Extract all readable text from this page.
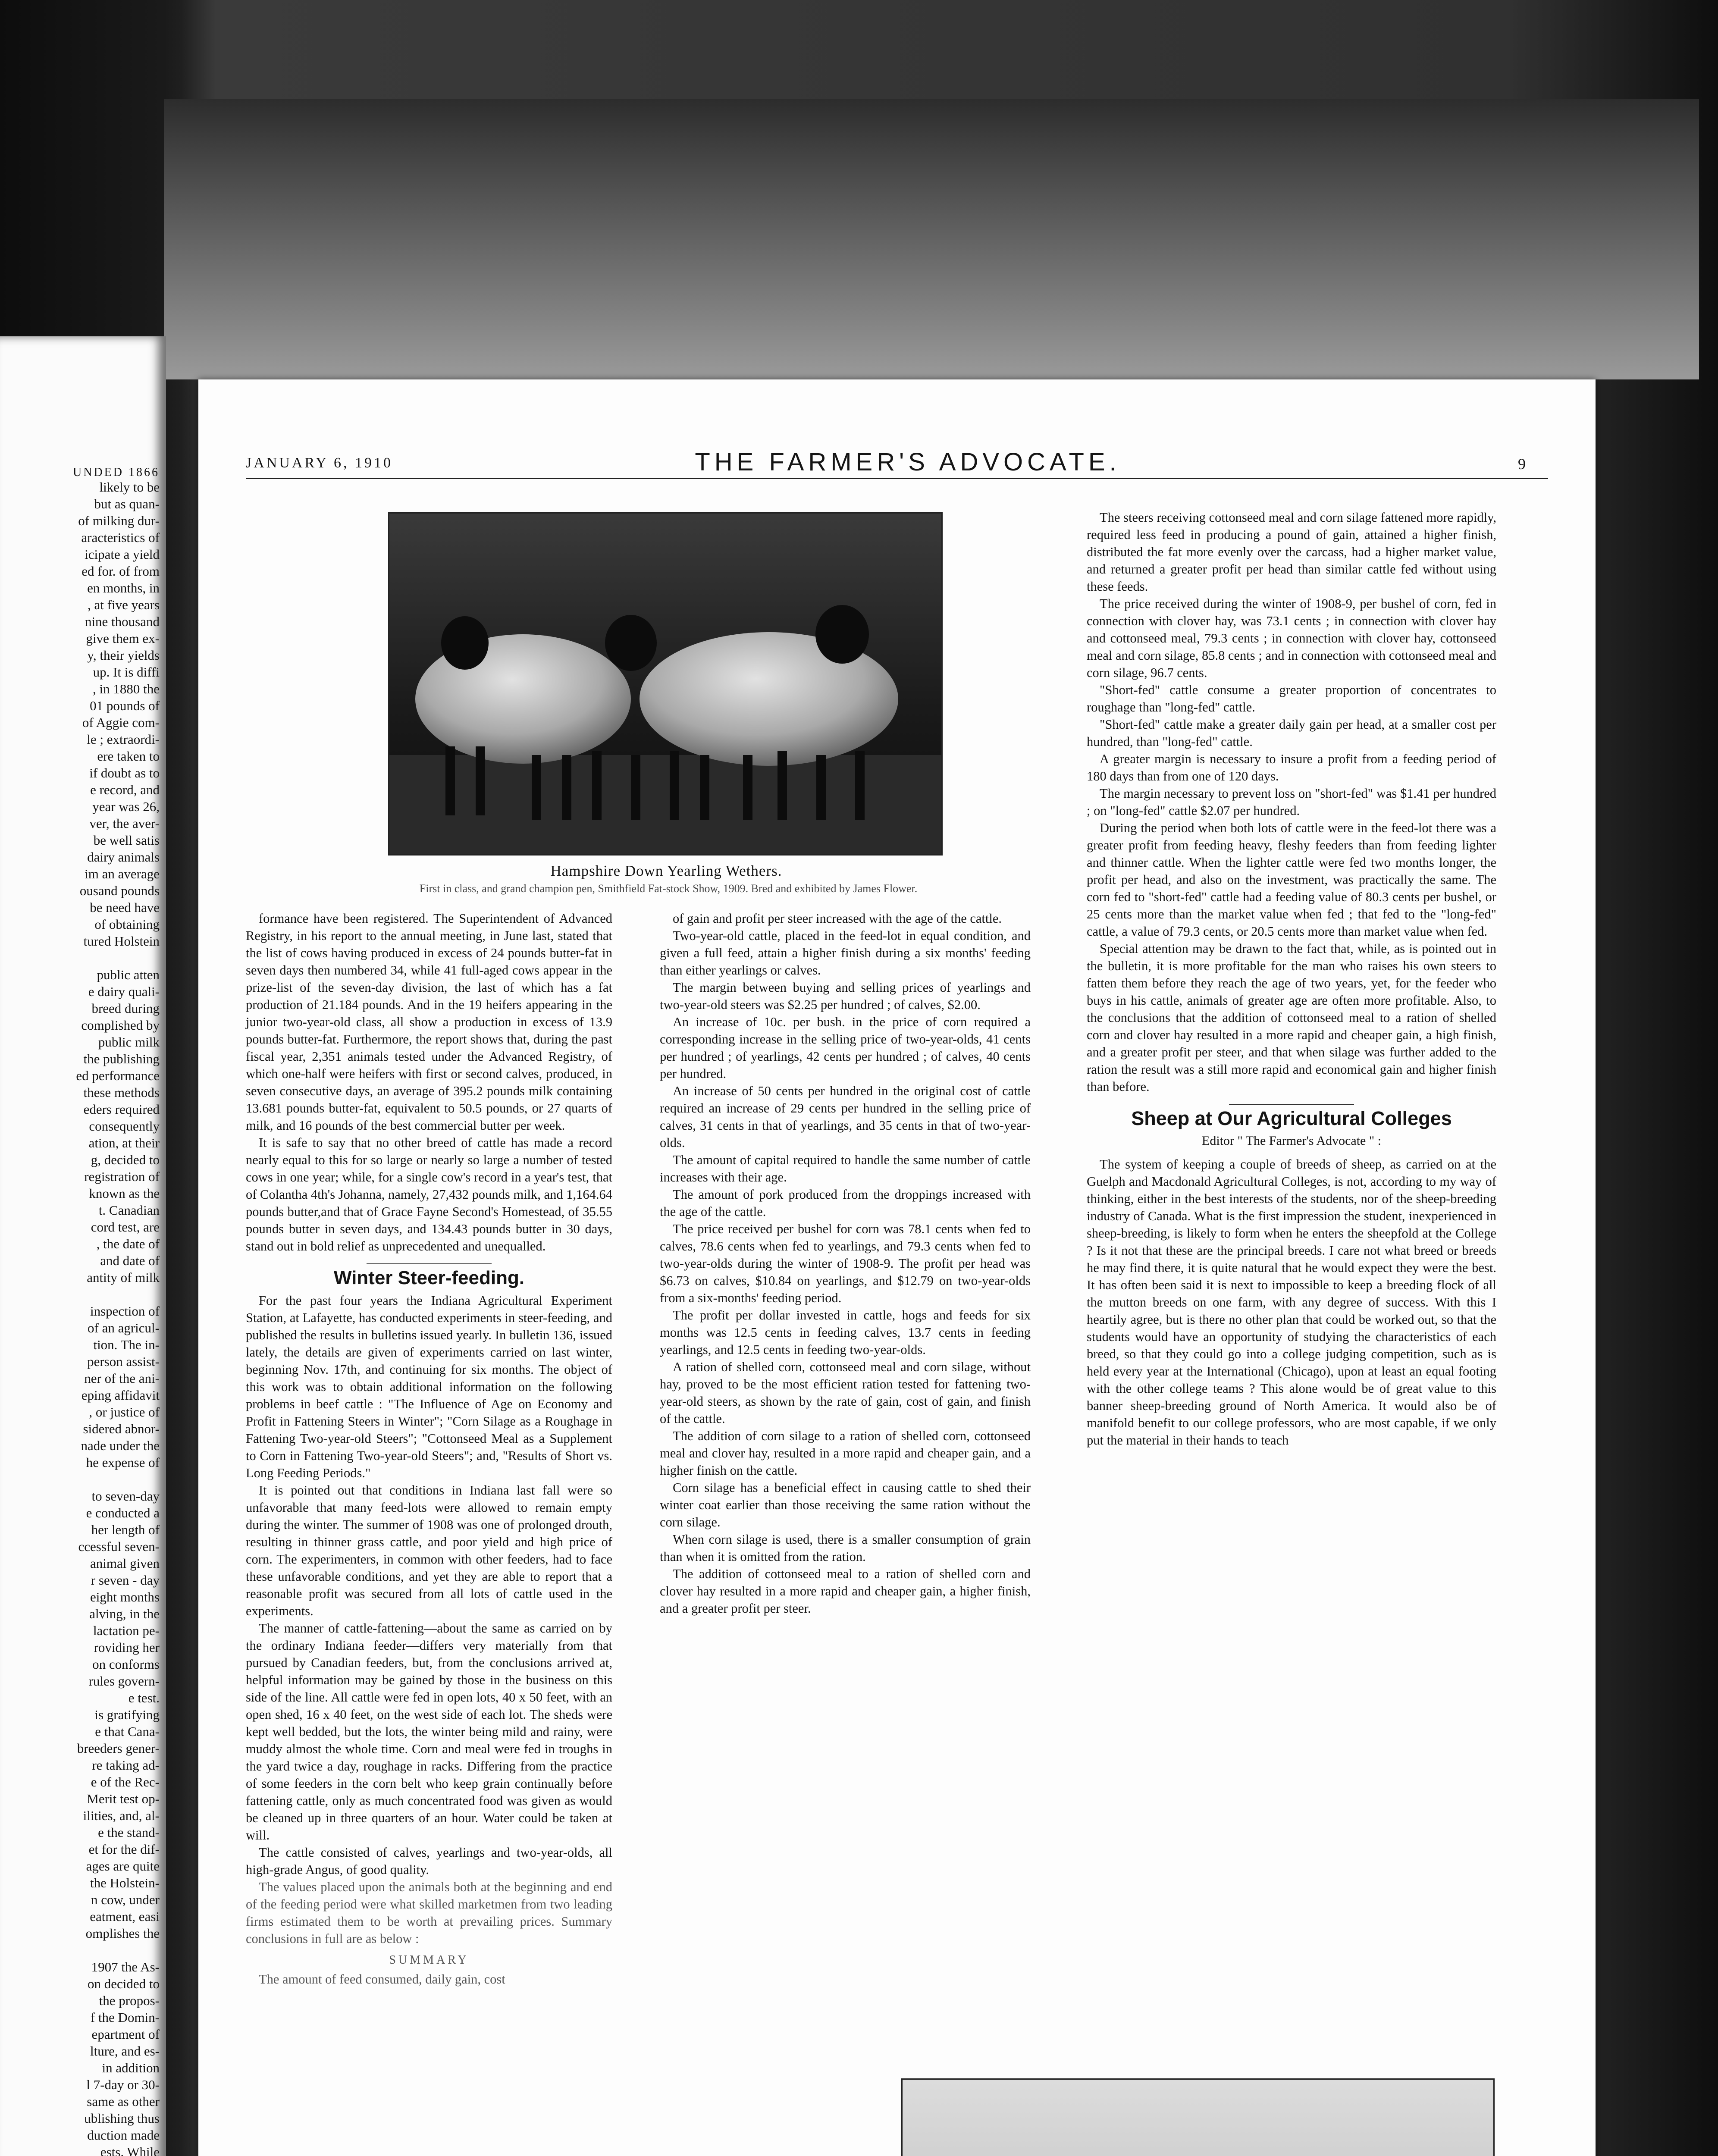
UNDED 1866
likely to be
but as quan-
of milking dur-
aracteristics of
icipate a yield
ed for. of from
en months, in
, at five years
nine thousand
give them ex-
y, their yields
up. It is diffi
, in 1880 the
01 pounds of
of Aggie com-
le ; extraordi-
ere taken to
if doubt as to
e record, and
year was 26,
ver, the aver-
be well satis
dairy animals
im an average
ousand pounds
be need have
of obtaining
tured Holstein
public atten
e dairy quali-
breed during
complished by
public milk
the publishing
ed performance
these methods
eders required
consequently
ation, at their
g, decided to
registration of
known as the
t. Canadian
cord test, are
, the date of
and date of
antity of milk
inspection of
of an agricul-
tion. The in-
person assist-
ner of the ani-
eping affidavit
, or justice of
sidered abnor-
nade under the
he expense of
to seven-day
e conducted a
her length of
ccessful seven-
animal given
r seven - day
eight months
alving, in the
lactation pe-
roviding her
on conforms
rules govern-
e test.
is gratifying
e that Cana-
breeders gener-
re taking ad-
e of the Rec-
Merit test op-
ilities, and, al-
e the stand-
et for the dif-
ages are quite
the Holstein-
n cow, under
eatment, easi
omplishes the
1907 the As-
on decided to
the propos-
f the Domin-
epartment of
lture, and es-
in addition
l 7-day or 30-
same as other
ublishing thus
duction made
ests. While
JANUARY 6, 1910	THE FARMER'S ADVOCATE.	9
Hampshire Down Yearling Wethers.
First in class, and grand champion pen, Smithfield Fat-stock Show, 1909. Bred and exhibited by James Flower.

formance have been registered. The Superintendent of Advanced Registry, in his report to the annual meeting, in June last, stated that the list of cows having produced in excess of 24 pounds butter-fat in seven days then numbered 34, while 41 full-aged cows appear in the prize-list of the seven-day division, the last of which has a fat production of 21.184 pounds. And in the 19 heifers appearing in the junior two-year-old class, all show a production in excess of 13.9 pounds butter-fat. Furthermore, the report shows that, during the past fiscal year, 2,351 animals tested under the Advanced Registry, of which one-half were heifers with first or second calves, produced, in seven consecutive days, an average of 395.2 pounds milk containing 13.681 pounds butter-fat, equivalent to 50.5 pounds, or 27 quarts of milk, and 16 pounds of the best commercial butter per week.

It is safe to say that no other breed of cattle has made a record nearly equal to this for so large or nearly so large a number of tested cows in one year; while, for a single cow's record in a year's test, that of Colantha 4th's Johanna, namely, 27,432 pounds milk, and 1,164.64 pounds butter,and that of Grace Fayne Second's Homestead, of 35.55 pounds butter in seven days, and 134.43 pounds butter in 30 days, stand out in bold relief as unprecedented and unequalled.

Winter Steer-feeding.

For the past four years the Indiana Agricultural Experiment Station, at Lafayette, has conducted experiments in steer-feeding, and published the results in bulletins issued yearly. In bulletin 136, issued lately, the details are given of experiments carried on last winter, beginning Nov. 17th, and continuing for six months. The object of this work was to obtain additional information on the following problems in beef cattle : "The Influence of Age on Economy and Profit in Fattening Steers in Winter"; "Corn Silage as a Roughage in Fattening Two-year-old Steers"; "Cottonseed Meal as a Supplement to Corn in Fattening Two-year-old Steers"; and, "Results of Short vs. Long Feeding Periods."

It is pointed out that conditions in Indiana last fall were so unfavorable that many feed-lots were allowed to remain empty during the winter. The summer of 1908 was one of prolonged drouth, resulting in thinner grass cattle, and poor yield and high price of corn. The experimenters, in common with other feeders, had to face these unfavorable conditions, and yet they are able to report that a reasonable profit was secured from all lots of cattle used in the experiments.

The manner of cattle-fattening—about the same as carried on by the ordinary Indiana feeder—differs very materially from that pursued by Canadian feeders, but, from the conclusions arrived at, helpful information may be gained by those in the business on this side of the line. All cattle were fed in open lots, 40 x 50 feet, with an open shed, 16 x 40 feet, on the west side of each lot. The sheds were kept well bedded, but the lots, the winter being mild and rainy, were muddy almost the whole time. Corn and meal were fed in troughs in the yard twice a day, roughage in racks. Differing from the practice of some feeders in the corn belt who keep grain continually before fattening cattle, only as much concentrated food was given as would be cleaned up in three quarters of an hour. Water could be taken at will.

The cattle consisted of calves, yearlings and two-year-olds, all high-grade Angus, of good quality.

The values placed upon the animals both at the beginning and end of the feeding period were what skilled marketmen from two leading firms estimated them to be worth at prevailing prices. Summary conclusions in full are as below :

SUMMARY

The amount of feed consumed, daily gain, cost

of gain and profit per steer increased with the age of the cattle.

Two-year-old cattle, placed in the feed-lot in equal condition, and given a full feed, attain a higher finish during a six months' feeding than either yearlings or calves.

The margin between buying and selling prices of yearlings and two-year-old steers was $2.25 per hundred ; of calves, $2.00.

An increase of 10c. per bush. in the price of corn required a corresponding increase in the selling price of two-year-olds, 41 cents per hundred ; of yearlings, 42 cents per hundred ; of calves, 40 cents per hundred.

An increase of 50 cents per hundred in the original cost of cattle required an increase of 29 cents per hundred in the selling price of calves, 31 cents in that of yearlings, and 35 cents in that of two-year-olds.

The amount of capital required to handle the same number of cattle increases with their age.

The amount of pork produced from the droppings increased with the age of the cattle.

The price received per bushel for corn was 78.1 cents when fed to calves, 78.6 cents when fed to yearlings, and 79.3 cents when fed to two-year-olds during the winter of 1908-9. The profit per head was $6.73 on calves, $10.84 on yearlings, and $12.79 on two-year-olds from a six-months' feeding period.

The profit per dollar invested in cattle, hogs and feeds for six months was 12.5 cents in feeding calves, 13.7 cents in feeding yearlings, and 12.5 cents in feeding two-year-olds.

A ration of shelled corn, cottonseed meal and corn silage, without hay, proved to be the most efficient ration tested for fattening two-year-old steers, as shown by the rate of gain, cost of gain, and finish of the cattle.

The addition of corn silage to a ration of shelled corn, cottonseed meal and clover hay, resulted in a more rapid and cheaper gain, and a higher finish on the cattle.

Corn silage has a beneficial effect in causing cattle to shed their winter coat earlier than those receiving the same ration without the corn silage.

When corn silage is used, there is a smaller consumption of grain than when it is omitted from the ration.

The addition of cottonseed meal to a ration of shelled corn and clover hay resulted in a more rapid and cheaper gain, a higher finish, and a greater profit per steer.

The steers receiving cottonseed meal and corn silage fattened more rapidly, required less feed in producing a pound of gain, attained a higher finish, distributed the fat more evenly over the carcass, had a higher market value, and returned a greater profit per head than similar cattle fed without using these feeds.

The price received during the winter of 1908-9, per bushel of corn, fed in connection with clover hay, was 73.1 cents ; in connection with clover hay and cottonseed meal, 79.3 cents ; in connection with clover hay, cottonseed meal and corn silage, 85.8 cents ; and in connection with cottonseed meal and corn silage, 96.7 cents.

"Short-fed" cattle consume a greater proportion of concentrates to roughage than "long-fed" cattle.

"Short-fed" cattle make a greater daily gain per head, at a smaller cost per hundred, than "long-fed" cattle.

A greater margin is necessary to insure a profit from a feeding period of 180 days than from one of 120 days.

The margin necessary to prevent loss on "short-fed" was $1.41 per hundred ; on "long-fed" cattle $2.07 per hundred.

During the period when both lots of cattle were in the feed-lot there was a greater profit from feeding heavy, fleshy feeders than from feeding lighter and thinner cattle. When the lighter cattle were fed two months longer, the profit per head, and also on the investment, was practically the same. The corn fed to "short-fed" cattle had a feeding value of 80.3 cents per bushel, or 25 cents more than the market value when fed ; that fed to the "long-fed" cattle, a value of 79.3 cents, or 20.5 cents more than market value when fed.

Special attention may be drawn to the fact that, while, as is pointed out in the bulletin, it is more profitable for the man who raises his own steers to fatten them before they reach the age of two years, yet, for the feeder who buys in his cattle, animals of greater age are often more profitable. Also, to the conclusions that the addition of cottonseed meal to a ration of shelled corn and clover hay resulted in a more rapid and cheaper gain, a high finish, and a greater profit per steer, and that when silage was further added to the ration the result was a still more rapid and economical gain and higher finish than before.

Sheep at Our Agricultural Colleges
Editor " The Farmer's Advocate " :

The system of keeping a couple of breeds of sheep, as carried on at the Guelph and Macdonald Agricultural Colleges, is not, according to my way of thinking, either in the best interests of the students, nor of the sheep-breeding industry of Canada. What is the first impression the student, inexperienced in sheep-breeding, is likely to form when he enters the sheepfold at the College ? Is it not that these are the principal breeds. I care not what breed or breeds he may find there, it is quite natural that he would expect they were the best. It has often been said it is next to impossible to keep a breeding flock of all the mutton breeds on one farm, with any degree of success. With this I heartily agree, but is there no other plan that could be worked out, so that the students would have an opportunity of studying the characteristics of each breed, so that they could go into a college judging competition, such as is held every year at the International (Chicago), upon at least an equal footing with the other college teams ? This alone would be of great value to this banner sheep-breeding ground of North America. It would also be of manifold benefit to our college professors, who are most capable, if we only put the material in their hands to teach
